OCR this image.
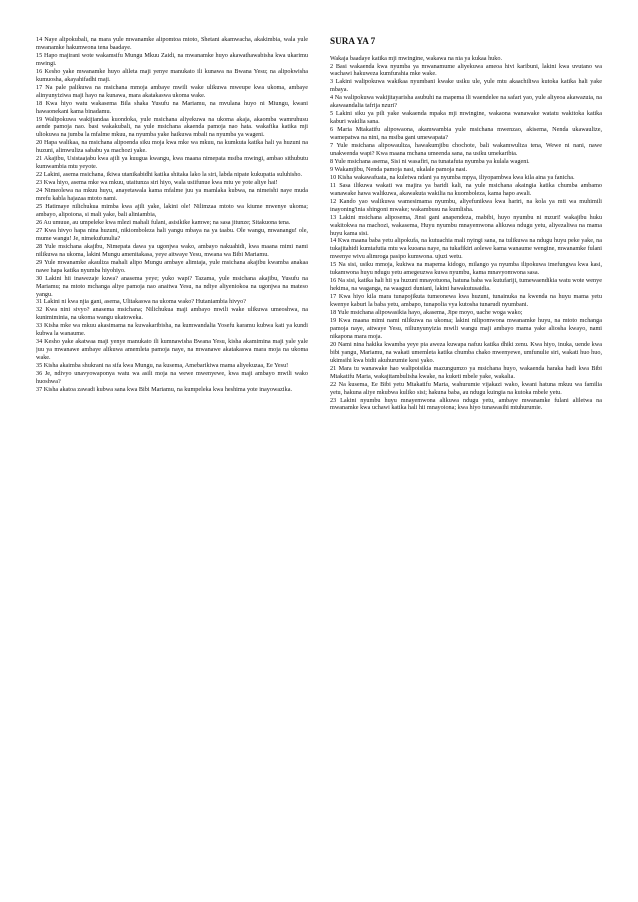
14 Naye alipokubali, na mara yule mwanamke alipomtoa mtoto, Shetani akamwacha, akakimbia, wala yule mwanamke hakumwona tena baadaye.

15 Hapo majirani wote wakamsifu Mungu Mkuu Zaidi, na mwanamke huyo akawathawabisha kwa ukarimu mwingi.

16 Kesho yake mwanamke huyo alileta maji yenye manukato ili kunawa na Bwana Yesu; na alipokwisha kumuosha, akayahifadhi maji.

17 Na pale palikuwa na msichana mmoja ambaye mwili wake ulikuwa mweupe kwa ukoma, ambaye alinyunyiziwa maji hayo na kunawa, mara akatakaswa ukoma wake.

18 Kwa hiyo watu wakasema Bila shaka Yusufu na Mariamu, na mvulana huyo ni Miungu, kwani hawaonekani kama binadamu.

19 Walipokuwa wakijiandaa kuondoka, yule msichana aliyekuwa na ukoma akaja, akaomba wamruhusu aende pamoja nao. basi wakakubali, na yule msichana akaenda pamoja nao hata. wakafika katika mji uliokuwa na jumba la mfalme mkuu, na nyumba yake haikuwa mbali na nyumba ya wageni.

20 Hapa walikaa, na msichana alipoenda siku moja kwa mke wa mkuu, na kumkuta katika hali ya huzuni na huzuni, alimwuliza sababu ya machozi yake.

21 Akajibu, Usistaajabu kwa ajili ya kuugua kwangu, kwa maana nimepata msiba mwingi, ambao sithubutu kumwambia mtu yeyote.

22 Lakini, asema msichana, ikiwa utanikabidhi katika shitaka lako la siri, labda nipate kukupatia suluhisho.

23 Kwa hiyo, asema mke wa mkuu, utaitunza siri hiyo, wala usiifunue kwa mtu ye yote aliye hai!

24 Nimeolewa na mkuu huyu, anayetawala kama mfalme juu ya mamlaka kubwa, na nimeishi naye muda mrefu kabla hajazaa mtoto nami.

25 Hatimaye nilichukua mimba kwa ajili yake, lakini ole! Nilimzaa mtoto wa kiume mwenye ukoma; ambayo, alipoiona, si mali yake, bali aliniambia,

26 Au umuue, au umpeleke kwa mlezi mahali fulani, asisikike kamwe; na sasa jitunze; Sitakuona tena.

27 Kwa hivyo hapa nina huzuni, nikiomboleza hali yangu mbaya na ya taabu. Ole wangu, mwanangu! ole, mume wangu! Je, nimekufunulia?

28 Yule msichana akajibu, Nimepata dawa ya ugonjwa wako, ambayo nakuahidi, kwa maana mimi nami nilikuwa na ukoma, lakini Mungu amenitakasa, yeye aitwaye Yesu, mwana wa Bibi Mariamu.

29 Yule mwanamke akauliza mahali alipo Mungu ambaye alimtaja, yule msichana akajibu kwamba anakaa nawe hapa katika nyumba hiyohiyo.

30 Lakini hii inawezaje kuwa? anasema yeye; yuko wapi? Tazama, yule msichana akajibu, Yusufu na Mariamu; na mtoto mchanga aliye pamoja nao anaitwa Yesu, na ndiye aliyeniokoa na ugonjwa na mateso yangu.

31 Lakini ni kwa njia gani, asema, Ulitakaswa na ukoma wako? Hutaniambia hivyo?

32 Kwa nini sivyo? anasema msichana; Nilichukua maji ambayo mwili wake ulikuwa umeoshwa, na kunimiminia, na ukoma wangu ukatoweka.

33 Kisha mke wa mkuu akasimama na kuwakaribisha, na kumwandalia Yosefu karamu kubwa kati ya kundi kubwa la wanaume.

34 Kesho yake akatwaa maji yenye manukato ili kumnawisha Bwana Yesu, kisha akamimina maji yale yale juu ya mwanawe ambaye alikuwa amemleta pamoja naye, na mwanawe akatakaswa mara moja na ukoma wake.

35 Kisha akaimba shukrani na sifa kwa Mungu, na kusema, Amebarikiwa mama aliyekuzaa, Ee Yesu!

36 Je, ndivyo unavyowaponya watu wa asili moja na wewe mwenyewe, kwa maji ambayo mwili wako huoshwa?

37 Kisha akatoa zawadi kubwa sana kwa Bibi Mariamu, na kumpeleka kwa heshima yote inayowazika.

SURA YA 7

Wakaja baadaye katika mji mwingine, wakawa na nia ya kukaa huko.

2 Basi wakaenda kwa nyumba ya mwanamume aliyekuwa ameoa hivi karibuni, lakini kwa uvutano wa wachawi hakuweza kumfurahia mke wake.

3 Lakini walipokuwa wakikaa nyumbani kwake usiku ule, yule mtu akaachiliwa kutoka katika hali yake mbaya.

4 Na walipokuwa wakijitayarisha asubuhi na mapema ili waendelee na safari yao, yule aliyeoa akawazuia, na akawaandalia tafrija nzuri?

5 Lakini siku ya pili yake wakaenda mpaka mji mwingine, wakaona wanawake watatu wakitoka katika kaburi wakilia sana.

6 Maria Mtakatifu alipowaona, akamwambia yule msichana mwenzao, akisema, Nenda ukawaulize, wamepatwa na nini, na msiba gani umewapata?

7 Yule msichana alipowauliza, hawakumjibu chochote, bali wakamwuliza tena, Wewe ni nani, nawe unakwenda wapi? Kwa maana mchana umeenda sana, na usiku umekaribia.

8 Yule msichana asema, Sisi ni wasafiri, na tunatafuta nyumba ya kulala wageni.

9 Wakamjibu, Nenda pamoja nasi, ukalale pamoja nasi.

10 Kisha wakawafuata, na kuletwa ndani ya nyumba mpya, iliyopambwa kwa kila aina ya fanicha.

11 Sasa ilikuwa wakati wa majira ya baridi kali, na yule msichana akaingia katika chumba ambamo wanawake hawa walikuwa, akawakuta wakilia na kuomboleza, kama hapo awali.

12 Kando yao walikuwa wamesimama nyumbu, aliyefunikwa kwa hariri, na kola ya mti wa muhimili inayoning'inia shingoni mwake; wakambusu na kumlisha.

13 Lakini msichana aliposema, Jinsi gani anapendeza, mabibi, huyo nyumbu ni mzuri! wakajibu huku wakitokwa na machozi, wakasema, Huyu nyumbu mnayemwona alikuwa ndugu yetu, aliyezaliwa na mama huyu kama sisi.

14 Kwa maana baba yetu alipokufa, na kutuachia mali nyingi sana, na tulikuwa na ndugu huyu peke yake, na tukajitahidi kumtafutia mtu wa kuoana naye, na tukafikiri aolewe kama wanaume wengine, mwanamke fulani mwenye wivu alimroga pasipo kumwona. ujuzi wetu.

15 Na sisi, usiku mmoja, kukiwa na mapema kidogo, milango ya nyumba ilipokuwa imefungwa kwa kasi, tukamwona huyu ndugu yetu amegeuzwa kuwa nyumbu, kama mnavyomwona sasa.

16 Na sisi, katika hali hii ya huzuni mnayotuona, hatuna baba wa kutufariji, tumewaendikia watu wote wenye hekima, na waganga, na waaguzi duniani, lakini hawakutusaidia.

17 Kwa hiyo kila mara tunapojikuta tumeonewa kwa huzuni, tunainuka na kwenda na huyu mama yetu kwenye kaburi la baba yetu, ambapo, tunapolia vya kutosha tunarudi nyumbani.

18 Yule msichana alipowasikia hayo, akasema, Jipe moyo, uache woga wako;

19 Kwa maana mimi nami nilikuwa na ukoma; lakini nilipomwona mwanamke huyu, na mtoto mchanga pamoja naye, aitwaye Yesu, niliunyunyizia mwili wangu maji ambayo mama yake aliosha kwayo, nami nikapona mara moja.

20 Nami nina hakika kwamba yeye pia aweza kuwapa nafuu katika dhiki zenu. Kwa hiyo, inuka, uende kwa bibi yangu, Mariamu, na wakati umemleta katika chumba chako mwenyewe, umfunulie siri, wakati huo huo, ukimsihi kwa bidii akuhurumie kesi yako.

21 Mara tu wanawake hao walipoisikia mazungumzo ya msichana huyo, wakaenda haraka hadi kwa Bibi Mtakatifu Maria, wakajitambulisha kwake, na kuketi mbele yake, wakalia.

22 Na kusema, Ee Bibi yetu Mtakatifu Maria, wahurumie vijakazi wako, kwani hatuna mkuu wa familia yetu, hakuna aliye mkubwa kuliko sisi; hakuna baba, au ndugu kuingia na kutoka mbele yetu.

23 Lakini nyumbu huyu mnayemwona alikuwa ndugu yetu, ambaye mwanamke fulani aliletwa na mwanamke kwa uchawi katika hali hii mnayoiona; kwa hiyo tunawasihi mtuhurumie.
